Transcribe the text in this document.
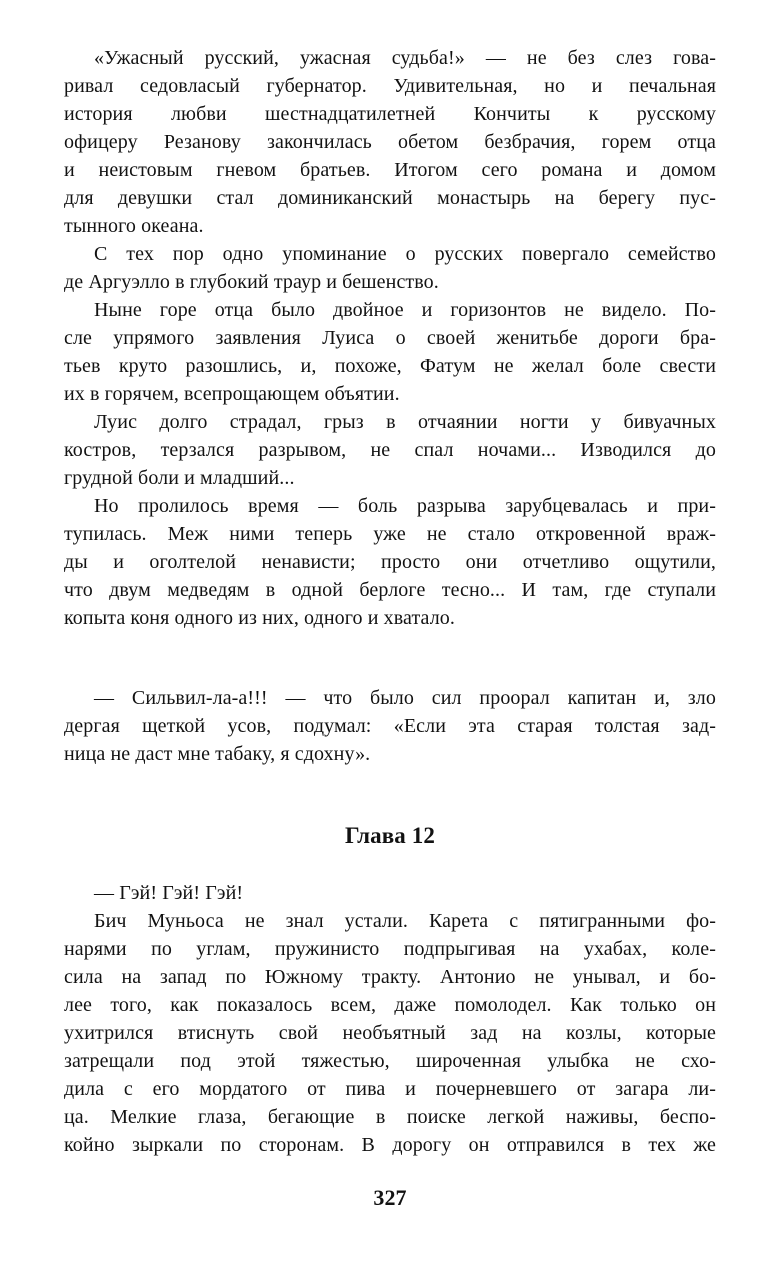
«Ужасный русский, ужасная судьба!» — не без слез гова-
ривал седовласый губернатор. Удивительная, но и печальная
история любви шестнадцатилетней Кончиты к русскому
офицеру Резанову закончилась обетом безбрачия, горем отца
и неистовым гневом братьев. Итогом сего романа и домом
для девушки стал доминиканский монастырь на берегу пус-
тынного океана.
С тех пор одно упоминание о русских повергало семейство
де Аргуэлло в глубокий траур и бешенство.
Ныне горе отца было двойное и горизонтов не видело. По-
сле упрямого заявления Луиса о своей женитьбе дороги бра-
тьев круто разошлись, и, похоже, Фатум не желал боле свести
их в горячем, всепрощающем объятии.
Луис долго страдал, грыз в отчаянии ногти у бивуачных
костров, терзался разрывом, не спал ночами... Изводился до
грудной боли и младший...
Но пролилось время — боль разрыва зарубцевалась и при-
тупилась. Меж ними теперь уже не стало откровенной враж-
ды и оголтелой ненависти; просто они отчетливо ощутили,
что двум медведям в одной берлоге тесно... И там, где ступали
копыта коня одного из них, одного и хватало.
— Сильвил-ла-а!!! — что было сил проорал капитан и, зло
дергая щеткой усов, подумал: «Если эта старая толстая зад-
ница не даст мне табаку, я сдохну».
Глава 12
— Гэй! Гэй! Гэй!
Бич Муньоса не знал устали. Карета с пятигранными фо-
нарями по углам, пружинисто подпрыгивая на ухабах, коле-
сила на запад по Южному тракту. Антонио не унывал, и бо-
лее того, как показалось всем, даже помолодел. Как только он
ухитрился втиснуть свой необъятный зад на козлы, которые
затрещали под этой тяжестью, широченная улыбка не схо-
дила с его мордатого от пива и почерневшего от загара ли-
ца. Мелкие глаза, бегающие в поиске легкой наживы, беспо-
койно зыркали по сторонам. В дорогу он отправился в тех же
327
